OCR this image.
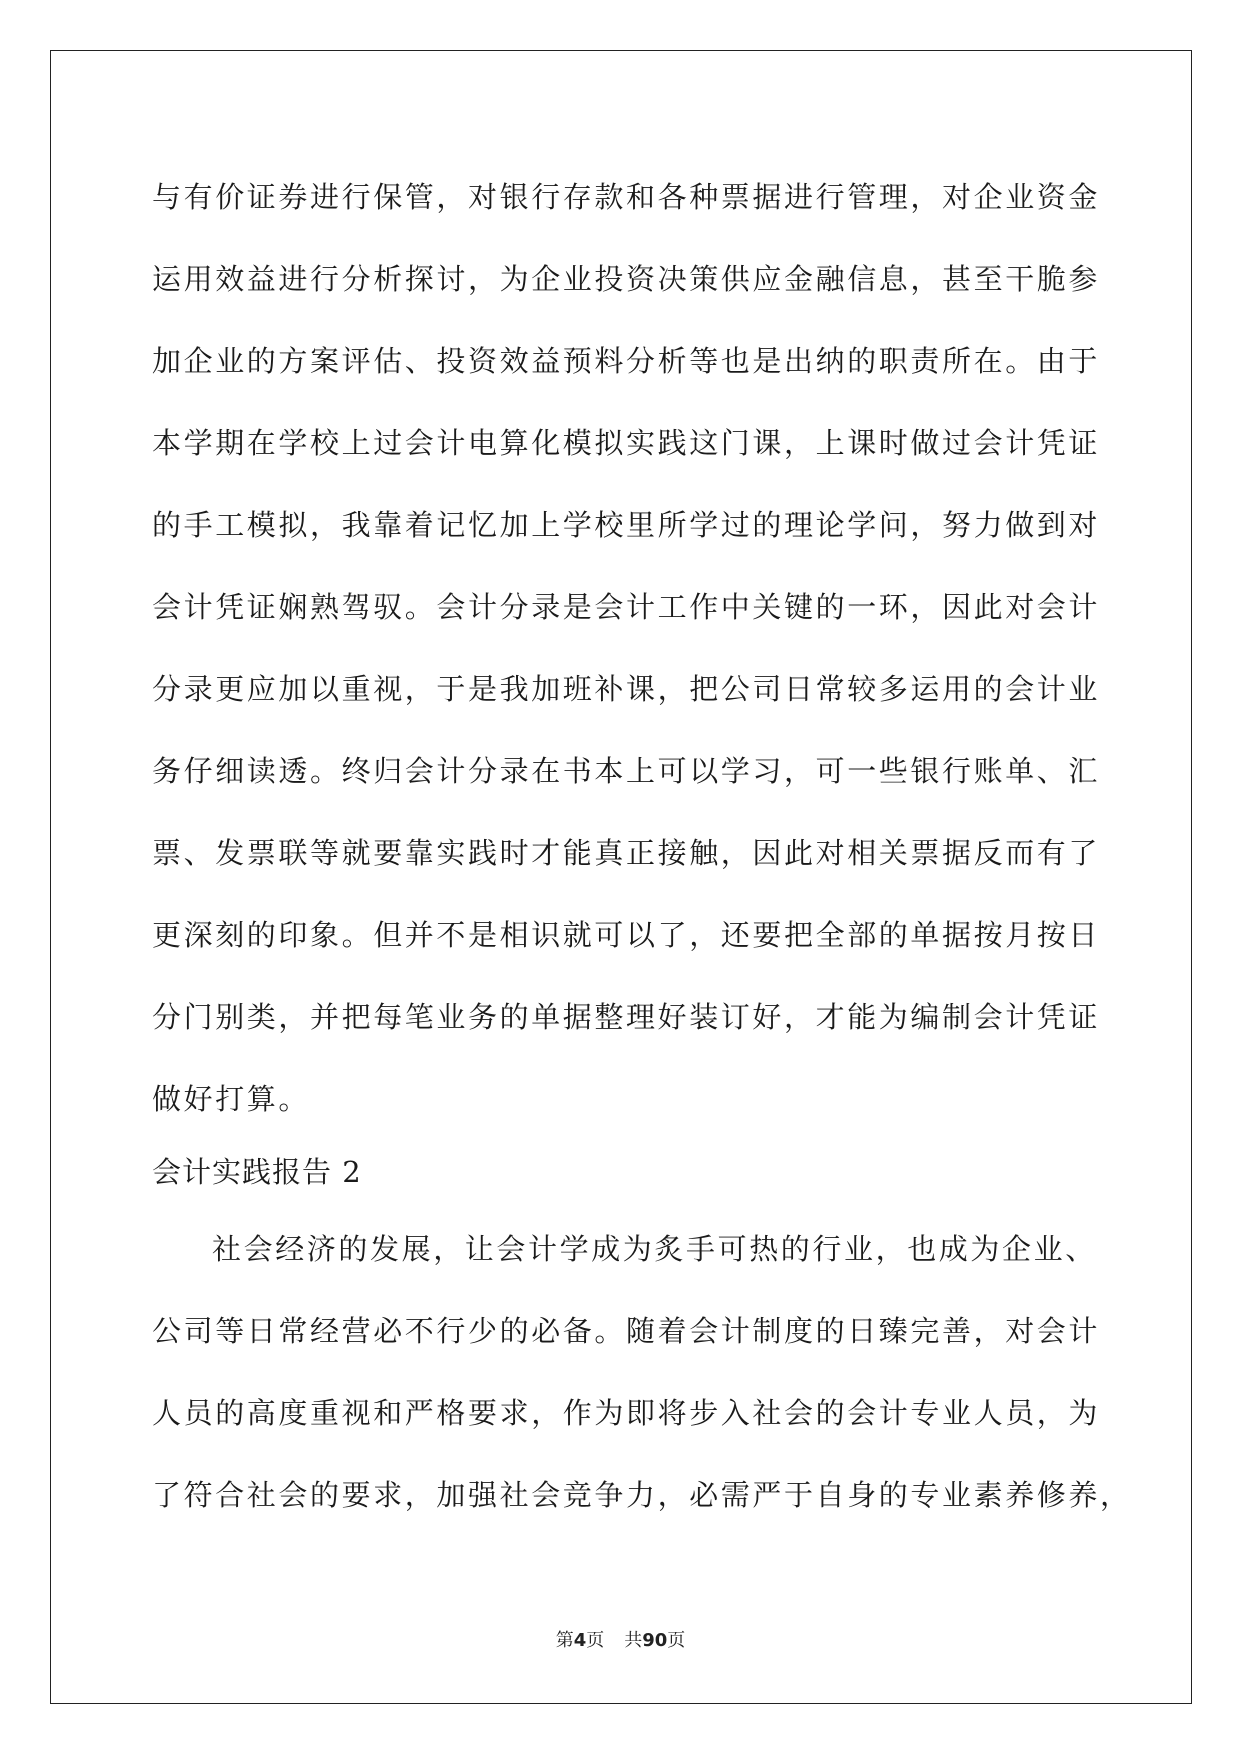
与有价证券进行保管，对银行存款和各种票据进行管理，对企业资金
运用效益进行分析探讨，为企业投资决策供应金融信息，甚至干脆参
加企业的方案评估、投资效益预料分析等也是出纳的职责所在。由于
本学期在学校上过会计电算化模拟实践这门课，上课时做过会计凭证
的手工模拟，我靠着记忆加上学校里所学过的理论学问，努力做到对
会计凭证娴熟驾驭。会计分录是会计工作中关键的一环，因此对会计
分录更应加以重视，于是我加班补课，把公司日常较多运用的会计业
务仔细读透。终归会计分录在书本上可以学习，可一些银行账单、汇
票、发票联等就要靠实践时才能真正接触，因此对相关票据反而有了
更深刻的印象。但并不是相识就可以了，还要把全部的单据按月按日
分门别类，并把每笔业务的单据整理好装订好，才能为编制会计凭证
做好打算。
会计实践报告 2
社会经济的发展，让会计学成为炙手可热的行业，也成为企业、
公司等日常经营必不行少的必备。随着会计制度的日臻完善，对会计
人员的高度重视和严格要求，作为即将步入社会的会计专业人员，为
了符合社会的要求，加强社会竞争力，必需严于自身的专业素养修养，
第4页 共90页
